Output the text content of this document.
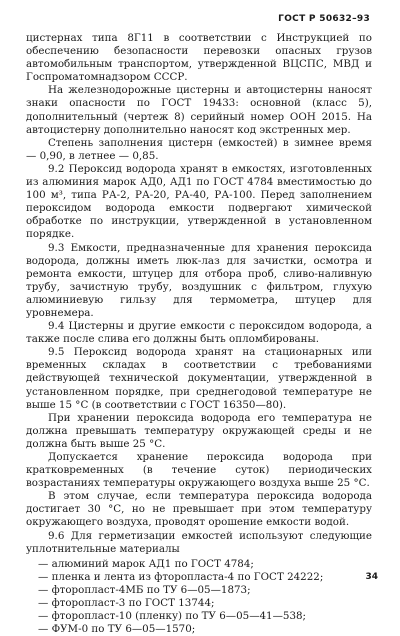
ГОСТ Р 50632–93

цистернах типа 8Г11 в соответствии с Инструкцией по обеспечению безопасности перевозки опасных грузов автомобильным транспортом, утвержденной ВЦСПС, МВД и Госпроматомнадзором СССР.

На железнодорожные цистерны и автоцистерны наносят знаки опасности по ГОСТ 19433: основной (класс 5), дополнительный (чертеж 8) серийный номер ООН 2015. На автоцистерну дополнительно наносят код экстренных мер.

Степень заполнения цистерн (емкостей) в зимнее время — 0,90, в летнее — 0,85.

9.2 Пероксид водорода хранят в емкостях, изготовленных из алюминия марок АД0, АД1 по ГОСТ 4784 вместимостью до 100 м³, типа РА-2, РА-20, РА-40, РА-100. Перед заполнением пероксидом водорода емкости подвергают химической обработке по инструкции, утвержденной в установленном порядке.

9.3 Емкости, предназначенные для хранения пероксида водорода, должны иметь люк-лаз для зачистки, осмотра и ремонта емкости, штуцер для отбора проб, сливо-наливную трубу, зачистную трубу, воздушник с фильтром, глухую алюминиевую гильзу для термометра, штуцер для уровнемера.

9.4 Цистерны и другие емкости с пероксидом водорода, а также после слива его должны быть опломбированы.

9.5 Пероксид водорода хранят на стационарных или временных складах в соответствии с требованиями действующей технической документации, утвержденной в установленном порядке, при среднегодовой температуре не выше 15 °С (в соответствии с ГОСТ 16350—80).

При хранении пероксида водорода его температура не должна превышать температуру окружающей среды и не должна быть выше 25 °С.

Допускается хранение пероксида водорода при кратковременных (в течение суток) периодических возрастаниях температуры окружающего воздуха выше 25 °С.

В этом случае, если температура пероксида водорода достигает 30 °С, но не превышает при этом температуру окружающего воздуха, проводят орошение емкости водой.

9.6 Для герметизации емкостей используют следующие уплотнительные материалы

— алюминий марок АД1 по ГОСТ 4784;

— пленка и лента из фторопласта-4 по ГОСТ 24222;

— фторопласт-4МБ по ТУ 6—05—1873;

— фторопласт-3 по ГОСТ 13744;

— фторопласт-10 (пленку) по ТУ 6—05—41—538;

— ФУМ-0 по ТУ 6—05—1570;

34
